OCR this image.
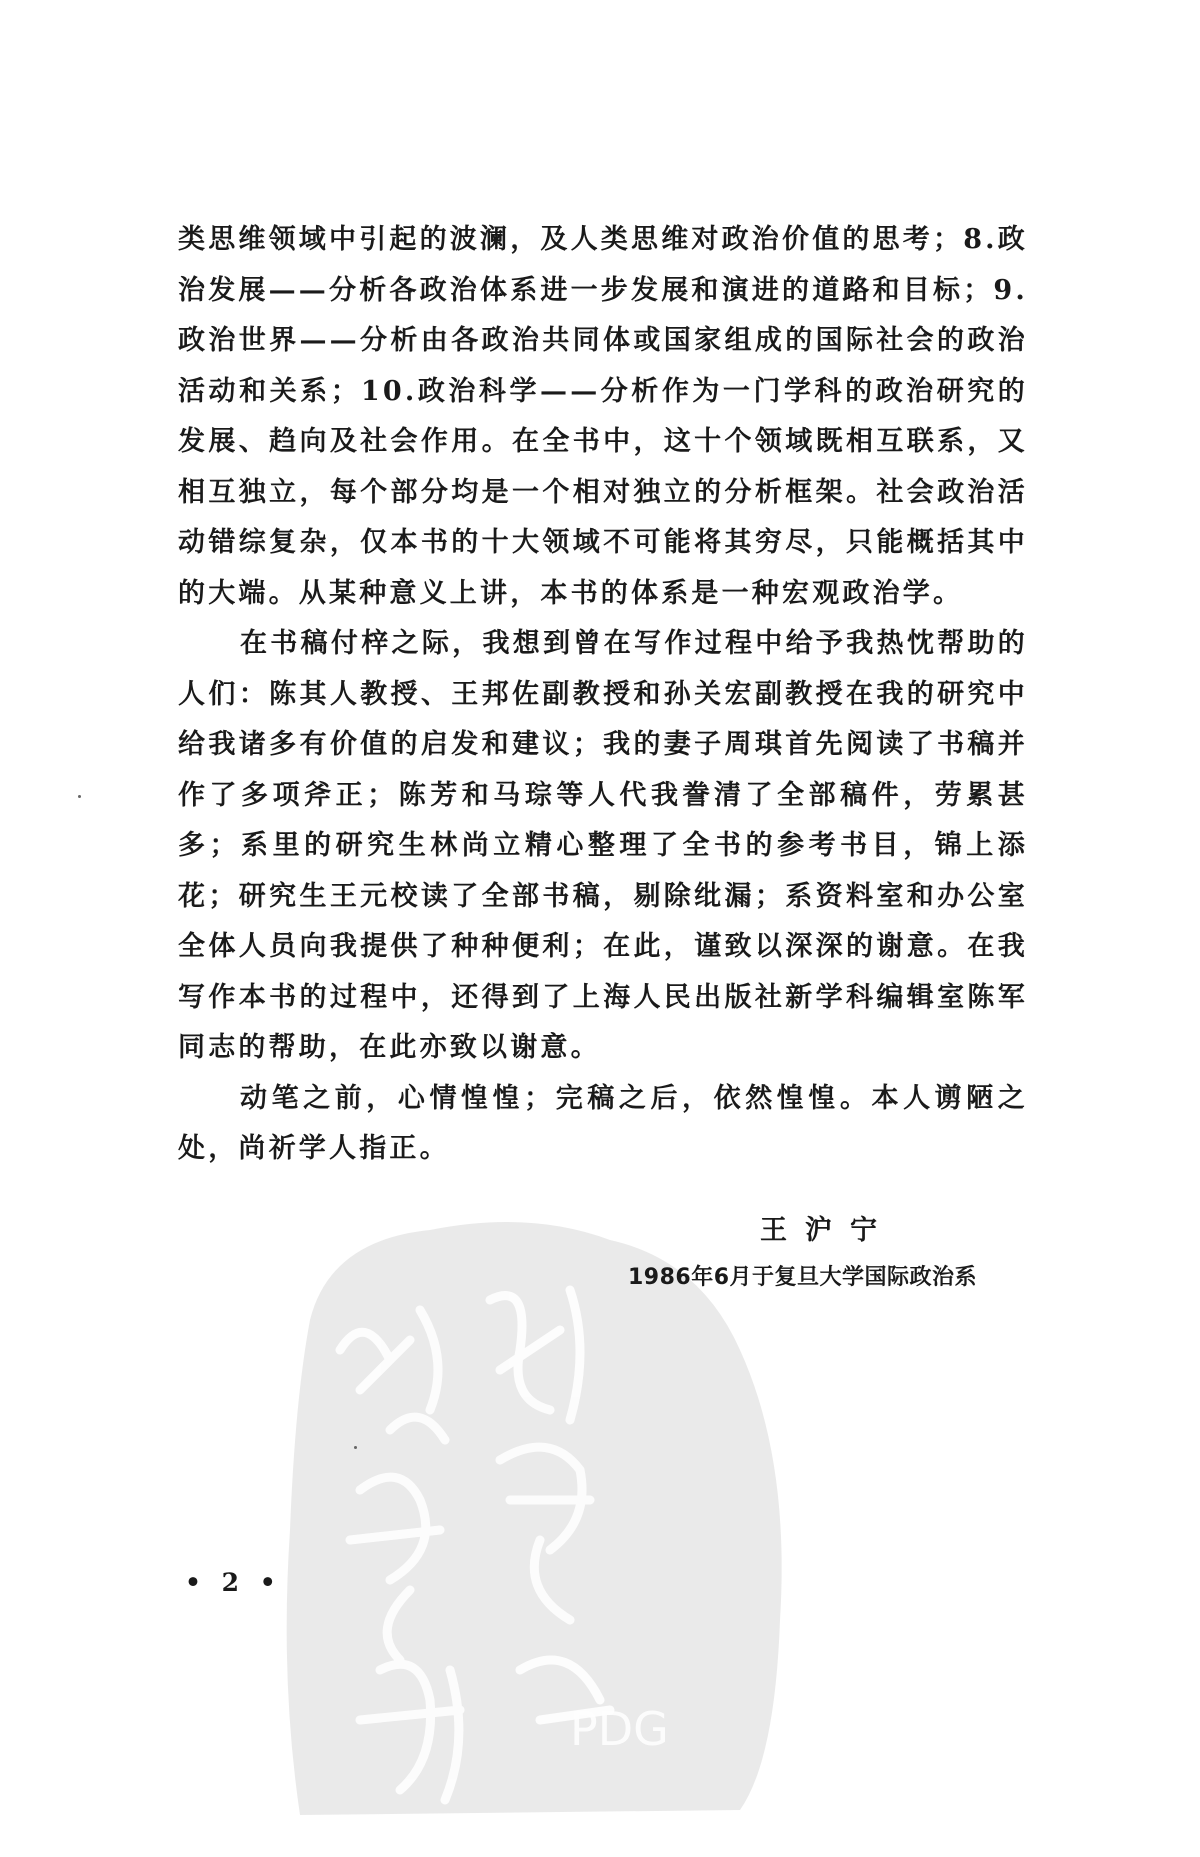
PDG

类思维领域中引起的波澜，及人类思维对政治价值的思考；8.政治发展——分析各政治体系进一步发展和演进的道路和目标；9.政治世界——分析由各政治共同体或国家组成的国际社会的政治活动和关系；10.政治科学——分析作为一门学科的政治研究的发展、趋向及社会作用。在全书中，这十个领域既相互联系，又相互独立，每个部分均是一个相对独立的分析框架。社会政治活动错综复杂，仅本书的十大领域不可能将其穷尽，只能概括其中的大端。从某种意义上讲，本书的体系是一种宏观政治学。

在书稿付梓之际，我想到曾在写作过程中给予我热忱帮助的人们：陈其人教授、王邦佐副教授和孙关宏副教授在我的研究中给我诸多有价值的启发和建议；我的妻子周琪首先阅读了书稿并作了多项斧正；陈芳和马琮等人代我誊清了全部稿件，劳累甚多；系里的研究生林尚立精心整理了全书的参考书目，锦上添花；研究生王元校读了全部书稿，剔除纰漏；系资料室和办公室全体人员向我提供了种种便利；在此，谨致以深深的谢意。在我写作本书的过程中，还得到了上海人民出版社新学科编辑室陈军同志的帮助，在此亦致以谢意。

动笔之前，心情惶惶；完稿之后，依然惶惶。本人谫陋之处，尚祈学人指正。

王沪宁
1986年6月于复旦大学国际政治系
• 2 •
